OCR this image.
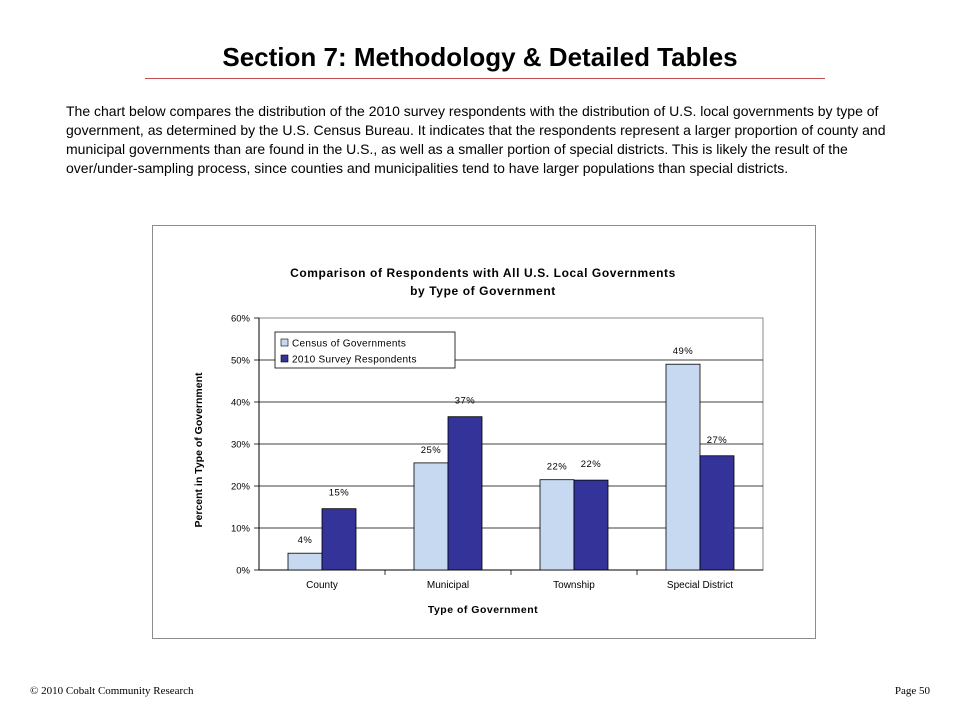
Section 7: Methodology & Detailed Tables
The chart below compares the distribution of the 2010 survey respondents with the distribution of U.S. local governments by type of government, as determined by the U.S. Census Bureau. It indicates that the respondents represent a larger proportion of county and municipal governments than are found in the U.S., as well as a smaller portion of special districts. This is likely the result of the over/under-sampling process, since counties and municipalities tend to have larger populations than special districts.
Comparison of Respondents with All U.S. Local Governments
by Type of Government
0%
10%
20%
30%
40%
50%
60%
4%
15%
County
25%
37%
Municipal
22% 22%
Township
49%
27%
Special District
Type of Government
Percent in Type of Government
Census of Governments
2010 Survey Respondents
© 2010 Cobalt Community Research	Page 50
